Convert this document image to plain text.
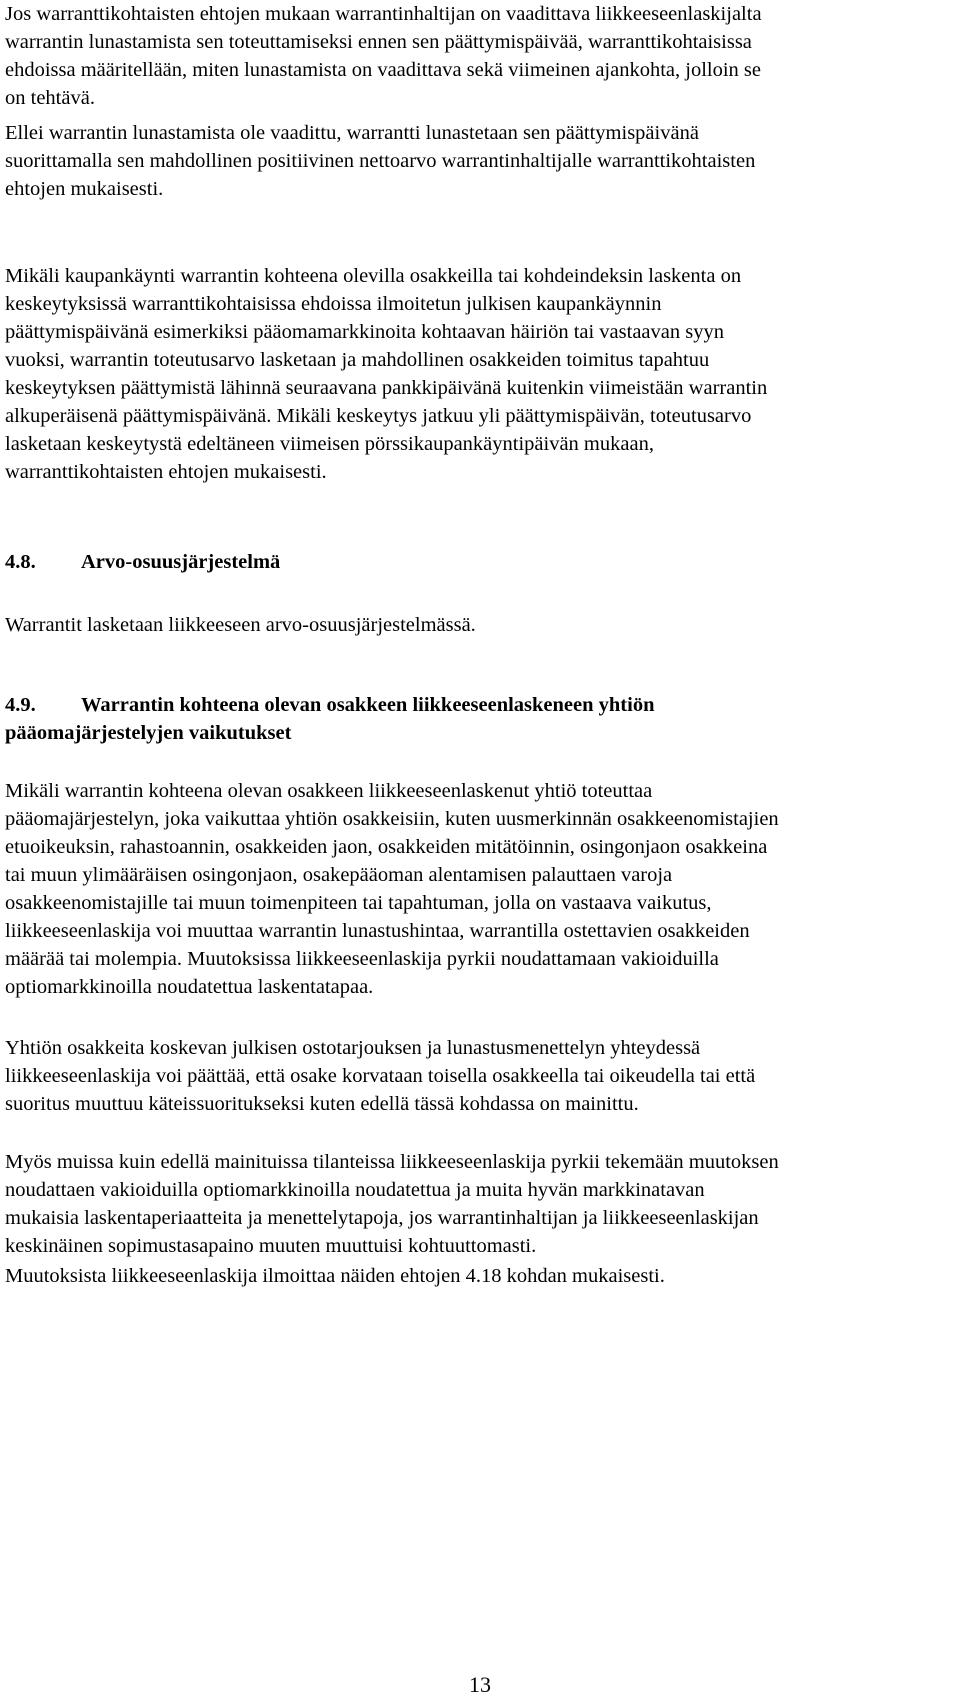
Jos warranttikohtaisten ehtojen mukaan warrantinhaltijan on vaadittava liikkeeseenlaskijalta
warrantin lunastamista sen toteuttamiseksi ennen sen päättymispäivää, warranttikohtaisissa
ehdoissa määritellään, miten lunastamista on vaadittava sekä viimeinen ajankohta, jolloin se
on tehtävä.

Ellei warrantin lunastamista ole vaadittu, warrantti lunastetaan sen päättymispäivänä
suorittamalla sen mahdollinen positiivinen nettoarvo warrantinhaltijalle warranttikohtaisten
ehtojen mukaisesti.

Mikäli kaupankäynti warrantin kohteena olevilla osakkeilla tai kohdeindeksin laskenta on
keskeytyksissä warranttikohtaisissa ehdoissa ilmoitetun julkisen kaupankäynnin
päättymispäivänä esimerkiksi pääomamarkkinoita kohtaavan häiriön tai vastaavan syyn
vuoksi, warrantin toteutusarvo lasketaan ja mahdollinen osakkeiden toimitus tapahtuu
keskeytyksen päättymistä lähinnä seuraavana pankkipäivänä kuitenkin viimeistään warrantin
alkuperäisenä päättymispäivänä. Mikäli keskeytys jatkuu yli päättymispäivän, toteutusarvo
lasketaan keskeytystä edeltäneen viimeisen pörssikaupankäyntipäivän mukaan,
warranttikohtaisten ehtojen mukaisesti.

4.8. Arvo-osuusjärjestelmä

Warrantit lasketaan liikkeeseen arvo-osuusjärjestelmässä.

4.9. Warrantin kohteena olevan osakkeen liikkeeseenlaskeneen yhtiön
pääomajärjestelyjen vaikutukset

Mikäli warrantin kohteena olevan osakkeen liikkeeseenlaskenut yhtiö toteuttaa
pääomajärjestelyn, joka vaikuttaa yhtiön osakkeisiin, kuten uusmerkinnän osakkeenomistajien
etuoikeuksin, rahastoannin, osakkeiden jaon, osakkeiden mitätöinnin, osingonjaon osakkeina
tai muun ylimääräisen osingonjaon, osakepääoman alentamisen palauttaen varoja
osakkeenomistajille tai muun toimenpiteen tai tapahtuman, jolla on vastaava vaikutus,
liikkeeseenlaskija voi muuttaa warrantin lunastushintaa, warrantilla ostettavien osakkeiden
määrää tai molempia. Muutoksissa liikkeeseenlaskija pyrkii noudattamaan vakioiduilla
optiomarkkinoilla noudatettua laskentatapaa.

Yhtiön osakkeita koskevan julkisen ostotarjouksen ja lunastusmenettelyn yhteydessä
liikkeeseenlaskija voi päättää, että osake korvataan toisella osakkeella tai oikeudella tai että
suoritus muuttuu käteissuoritukseksi kuten edellä tässä kohdassa on mainittu.

Myös muissa kuin edellä mainituissa tilanteissa liikkeeseenlaskija pyrkii tekemään muutoksen
noudattaen vakioiduilla optiomarkkinoilla noudatettua ja muita hyvän markkinatavan
mukaisia laskentaperiaatteita ja menettelytapoja, jos warrantinhaltijan ja liikkeeseenlaskijan
keskinäinen sopimustasapaino muuten muuttuisi kohtuuttomasti.

Muutoksista liikkeeseenlaskija ilmoittaa näiden ehtojen 4.18 kohdan mukaisesti.

13
